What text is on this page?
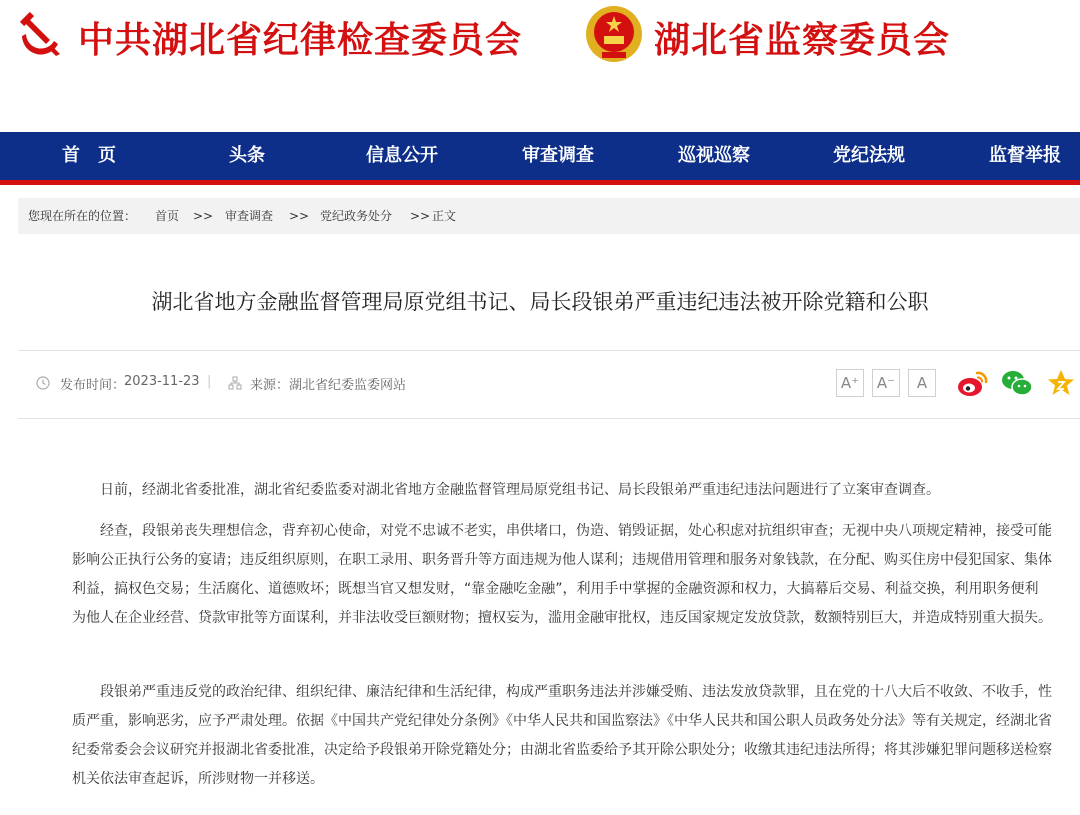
中共湖北省纪律检查委员会	湖北省监察委员会
首　页	头条	信息公开	审查调查	巡视巡察	党纪法规	监督举报
您现在所在的位置： 首页 >> 审查调查 >> 党纪政务处分 >> 正文
湖北省地方金融监督管理局原党组书记、局长段银弟严重违纪违法被开除党籍和公职
发布时间：
2023-11-23 |	来源： 湖北省纪委监委网站	A⁺	A⁻	A

日前，经湖北省委批准，湖北省纪委监委对湖北省地方金融监督管理局原党组书记、局长段银弟严重违纪违法问题进行了立案审查调查。

经查，段银弟丧失理想信念，背弃初心使命，对党不忠诚不老实，串供堵口，伪造、销毁证据，处心积虑对抗组织审查；无视中央八项规定精神，接受可能影响公正执行公务的宴请；违反组织原则，在职工录用、职务晋升等方面违规为他人谋利；违规借用管理和服务对象钱款，在分配、购买住房中侵犯国家、集体利益，搞权色交易；生活腐化、道德败坏；既想当官又想发财，“靠金融吃金融”，利用手中掌握的金融资源和权力，大搞幕后交易、利益交换，利用职务便利为他人在企业经营、贷款审批等方面谋利，并非法收受巨额财物；擅权妄为，滥用金融审批权，违反国家规定发放贷款，数额特别巨大，并造成特别重大损失。

段银弟严重违反党的政治纪律、组织纪律、廉洁纪律和生活纪律，构成严重职务违法并涉嫌受贿、违法发放贷款罪，且在党的十八大后不收敛、不收手，性质严重，影响恶劣，应予严肃处理。依据《中国共产党纪律处分条例》《中华人民共和国监察法》《中华人民共和国公职人员政务处分法》等有关规定，经湖北省纪委常委会会议研究并报湖北省委批准，决定给予段银弟开除党籍处分；由湖北省监委给予其开除公职处分；收缴其违纪违法所得；将其涉嫌犯罪问题移送检察机关依法审查起诉，所涉财物一并移送。
